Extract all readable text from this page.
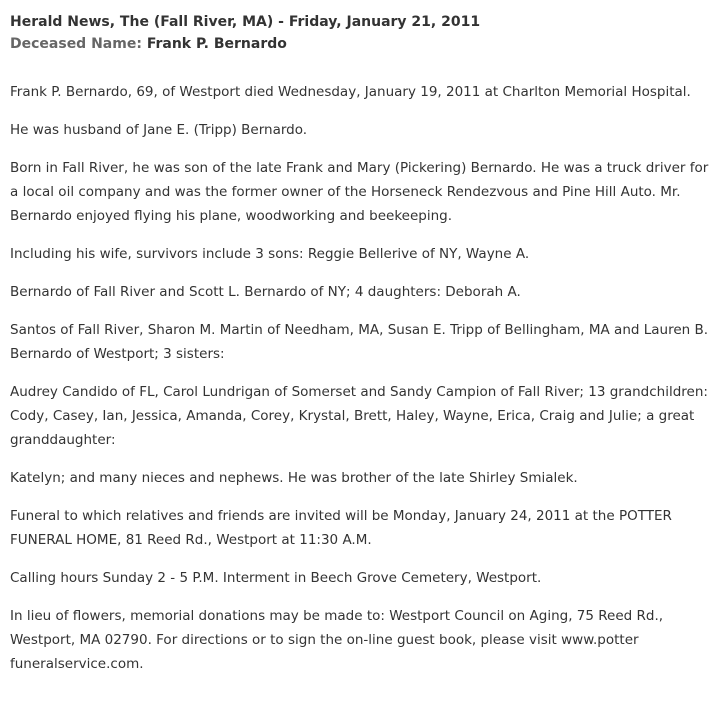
Herald News, The (Fall River, MA) - Friday, January 21, 2011
Deceased Name: Frank P. Bernardo

Frank P. Bernardo, 69, of Westport died Wednesday, January 19, 2011 at Charlton Memorial Hospital.

He was husband of Jane E. (Tripp) Bernardo.

Born in Fall River, he was son of the late Frank and Mary (Pickering) Bernardo. He was a truck driver for a local oil company and was the former owner of the Horseneck Rendezvous and Pine Hill Auto. Mr. Bernardo enjoyed flying his plane, woodworking and beekeeping.

Including his wife, survivors include 3 sons: Reggie Bellerive of NY, Wayne A.

Bernardo of Fall River and Scott L. Bernardo of NY; 4 daughters: Deborah A.

Santos of Fall River, Sharon M. Martin of Needham, MA, Susan E. Tripp of Bellingham, MA and Lauren B. Bernardo of Westport; 3 sisters:

Audrey Candido of FL, Carol Lundrigan of Somerset and Sandy Campion of Fall River; 13 grandchildren: Cody, Casey, Ian, Jessica, Amanda, Corey, Krystal, Brett, Haley, Wayne, Erica, Craig and Julie; a great granddaughter:

Katelyn; and many nieces and nephews. He was brother of the late Shirley Smialek.

Funeral to which relatives and friends are invited will be Monday, January 24, 2011 at the POTTER FUNERAL HOME, 81 Reed Rd., Westport at 11:30 A.M.

Calling hours Sunday 2 - 5 P.M. Interment in Beech Grove Cemetery, Westport.

In lieu of flowers, memorial donations may be made to: Westport Council on Aging, 75 Reed Rd., Westport, MA 02790. For directions or to sign the on-line guest book, please visit www.potter funeralservice.com.
